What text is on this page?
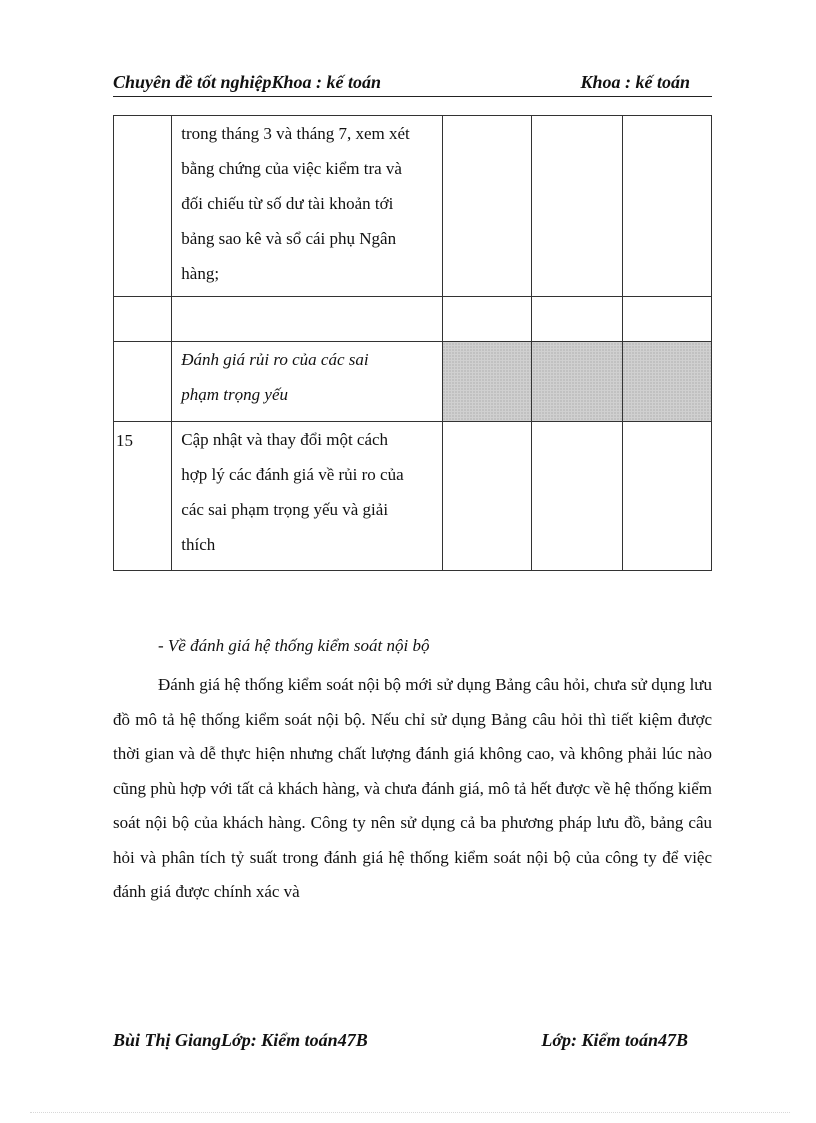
Chuyên đề tốt nghiệpKhoa : kế toán	Khoa : kế toán
	trong tháng 3 và tháng 7, xem xét
bằng chứng của việc kiểm tra và
đối chiếu từ số dư tài khoản tới
bảng sao kê và sổ cái phụ Ngân
hàng;			

	Đánh giá rủi ro của các sai
phạm trọng yếu			
15	Cập nhật và thay đổi một cách
hợp lý các đánh giá về rủi ro của
các sai phạm trọng yếu và giải
thích			
- Về đánh giá hệ thống kiểm soát nội bộ
Đánh giá hệ thống kiểm soát nội bộ mới sử dụng Bảng câu hỏi, chưa sử dụng lưu đồ mô tả hệ thống kiểm soát nội bộ. Nếu chỉ sử dụng Bảng câu hỏi thì tiết kiệm được thời gian và dễ thực hiện nhưng chất lượng đánh giá không cao, và không phải lúc nào cũng phù hợp với tất cả khách hàng, và chưa đánh giá, mô tả hết được về hệ thống kiểm soát nội bộ của khách hàng. Công ty nên sử dụng cả ba phương pháp lưu đồ, bảng câu hỏi và phân tích tỷ suất trong đánh giá hệ thống kiểm soát nội bộ của công ty để việc đánh giá được chính xác và
Bùi Thị GiangLớp: Kiểm toán47B	Lớp: Kiểm toán47B
